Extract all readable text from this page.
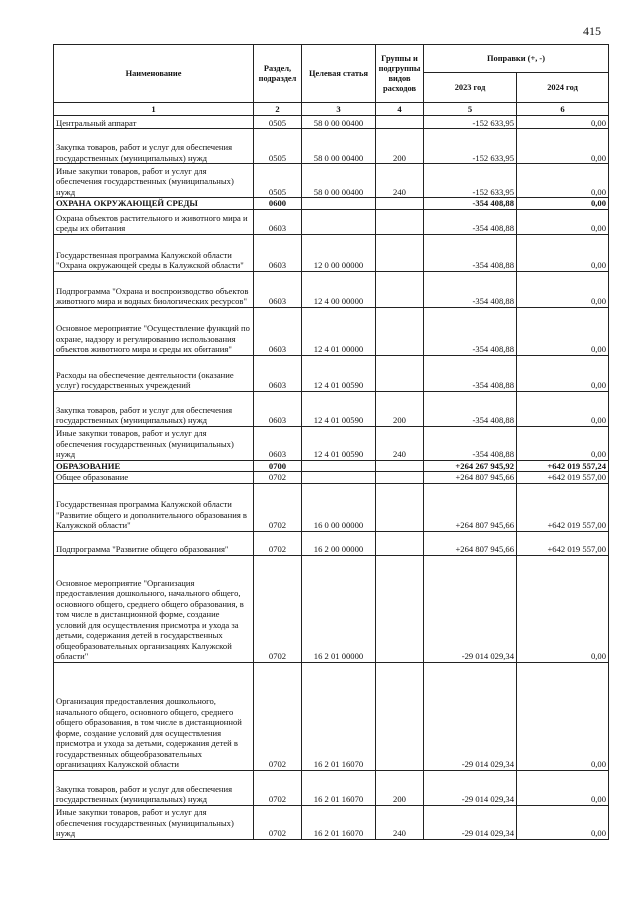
415
Наименование	Раздел, подраздел	Целевая статья	Группы и подгруппы видов расходов	Поправки (+, -)	
				2023 год	2024 год
1	2	3	4	5	6
Центральный аппарат	0505	58 0 00 00400		-152 633,95	0,00
Закупка товаров, работ и услуг для обеспечения государственных (муниципальных) нужд	0505	58 0 00 00400	200	-152 633,95	0,00
Иные закупки товаров, работ и услуг для обеспечения государственных (муниципальных) нужд	0505	58 0 00 00400	240	-152 633,95	0,00
ОХРАНА ОКРУЖАЮЩЕЙ СРЕДЫ	0600			-354 408,88	0,00
Охрана объектов растительного и животного мира и среды их обитания	0603			-354 408,88	0,00
Государственная программа Калужской области "Охрана окружающей среды в Калужской области"	0603	12 0 00 00000		-354 408,88	0,00
Подпрограмма "Охрана и воспроизводство объектов животного мира и водных биологических ресурсов"	0603	12 4 00 00000		-354 408,88	0,00
Основное мероприятие "Осуществление функций по охране, надзору и регулированию использования объектов животного мира и среды их обитания"	0603	12 4 01 00000		-354 408,88	0,00
Расходы на обеспечение деятельности (оказание услуг) государственных учреждений	0603	12 4 01 00590		-354 408,88	0,00
Закупка товаров, работ и услуг для обеспечения государственных (муниципальных) нужд	0603	12 4 01 00590	200	-354 408,88	0,00
Иные закупки товаров, работ и услуг для обеспечения государственных (муниципальных) нужд	0603	12 4 01 00590	240	-354 408,88	0,00
ОБРАЗОВАНИЕ	0700			+264 267 945,92	+642 019 557,24
Общее образование	0702			+264 807 945,66	+642 019 557,00
Государственная программа Калужской области "Развитие общего и дополнительного образования в Калужской области"	0702	16 0 00 00000		+264 807 945,66	+642 019 557,00
Подпрограмма "Развитие общего образования"	0702	16 2 00 00000		+264 807 945,66	+642 019 557,00
Основное мероприятие "Организация предоставления дошкольного, начального общего, основного общего, среднего общего образования, в том числе в дистанционной форме, создание условий для осуществления присмотра и ухода за детьми, содержания детей в государственных общеобразовательных организациях Калужской области"	0702	16 2 01 00000		-29 014 029,34	0,00
Организация предоставления дошкольного, начального общего, основного общего, среднего общего образования, в том числе в дистанционной форме, создание условий для осуществления присмотра и ухода за детьми, содержания детей в государственных общеобразовательных организациях Калужской области	0702	16 2 01 16070		-29 014 029,34	0,00
Закупка товаров, работ и услуг для обеспечения государственных (муниципальных) нужд	0702	16 2 01 16070	200	-29 014 029,34	0,00
Иные закупки товаров, работ и услуг для обеспечения государственных (муниципальных) нужд	0702	16 2 01 16070	240	-29 014 029,34	0,00
